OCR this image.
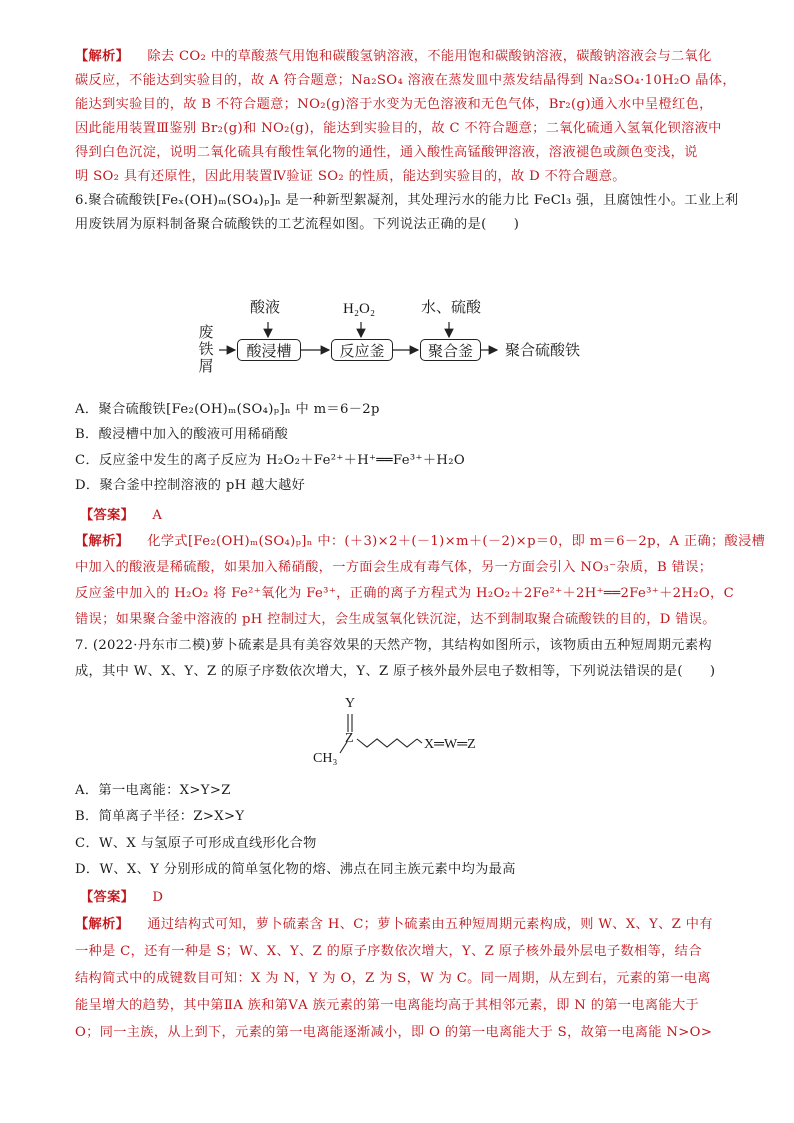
【解析】 除去 CO₂ 中的草酸蒸气用饱和碳酸氢钠溶液，不能用饱和碳酸钠溶液，碳酸钠溶液会与二氧化
碳反应，不能达到实验目的，故 A 符合题意；Na₂SO₄ 溶液在蒸发皿中蒸发结晶得到 Na₂SO₄·10H₂O 晶体，
能达到实验目的，故 B 不符合题意；NO₂(g)溶于水变为无色溶液和无色气体，Br₂(g)通入水中呈橙红色，
因此能用装置Ⅲ鉴别 Br₂(g)和 NO₂(g)，能达到实验目的，故 C 不符合题意；二氧化硫通入氢氧化钡溶液中
得到白色沉淀，说明二氧化硫具有酸性氧化物的通性，通入酸性高锰酸钾溶液，溶液褪色或颜色变浅，说
明 SO₂ 具有还原性，因此用装置Ⅳ验证 SO₂ 的性质，能达到实验目的，故 D 不符合题意。
6.聚合硫酸铁[Feₓ(OH)ₘ(SO₄)ₚ]ₙ 是一种新型絮凝剂，其处理污水的能力比 FeCl₃ 强，且腐蚀性小。工业上利
用废铁屑为原料制备聚合硫酸铁的工艺流程如图。下列说法正确的是(　　)
酸液	H₂O₂	水、硫酸
废
铁
屑
酸浸槽	反应釜	聚合釜	聚合硫酸铁
A．聚合硫酸铁[Fe₂(OH)ₘ(SO₄)ₚ]ₙ 中 m＝6－2p
B．酸浸槽中加入的酸液可用稀硝酸
C．反应釜中发生的离子反应为 H₂O₂＋Fe²⁺＋H⁺══Fe³⁺＋H₂O
D．聚合釜中控制溶液的 pH 越大越好
【答案】 A
【解析】 化学式[Fe₂(OH)ₘ(SO₄)ₚ]ₙ 中：(＋3)×2＋(－1)×m＋(－2)×p＝0，即 m＝6－2p，A 正确；酸浸槽
中加入的酸液是稀硫酸，如果加入稀硝酸，一方面会生成有毒气体，另一方面会引入 NO₃⁻杂质，B 错误；
反应釜中加入的 H₂O₂ 将 Fe²⁺氧化为 Fe³⁺，正确的离子方程式为 H₂O₂＋2Fe²⁺＋2H⁺══2Fe³⁺＋2H₂O，C
错误；如果聚合釜中溶液的 pH 控制过大，会生成氢氧化铁沉淀，达不到制取聚合硫酸铁的目的，D 错误。
7. (2022·丹东市二模)萝卜硫素是具有美容效果的天然产物，其结构如图所示，该物质由五种短周期元素构
成，其中 W、X、Y、Z 的原子序数依次增大，Y、Z 原子核外最外层电子数相等，下列说法错误的是(　　)
Y
Z
CH₃
X═W═Z
A．第一电离能：X>Y>Z
B．简单离子半径：Z>X>Y
C．W、X 与氢原子可形成直线形化合物
D．W、X、Y 分别形成的简单氢化物的熔、沸点在同主族元素中均为最高
【答案】 D
【解析】 通过结构式可知，萝卜硫素含 H、C；萝卜硫素由五种短周期元素构成，则 W、X、Y、Z 中有
一种是 C，还有一种是 S；W、X、Y、Z 的原子序数依次增大，Y、Z 原子核外最外层电子数相等，结合
结构简式中的成键数目可知：X 为 N，Y 为 O，Z 为 S，W 为 C。同一周期，从左到右，元素的第一电离
能呈增大的趋势，其中第ⅡA 族和第ⅤA 族元素的第一电离能均高于其相邻元素，即 N 的第一电离能大于
O；同一主族，从上到下，元素的第一电离能逐渐减小，即 O 的第一电离能大于 S，故第一电离能 N>O>
